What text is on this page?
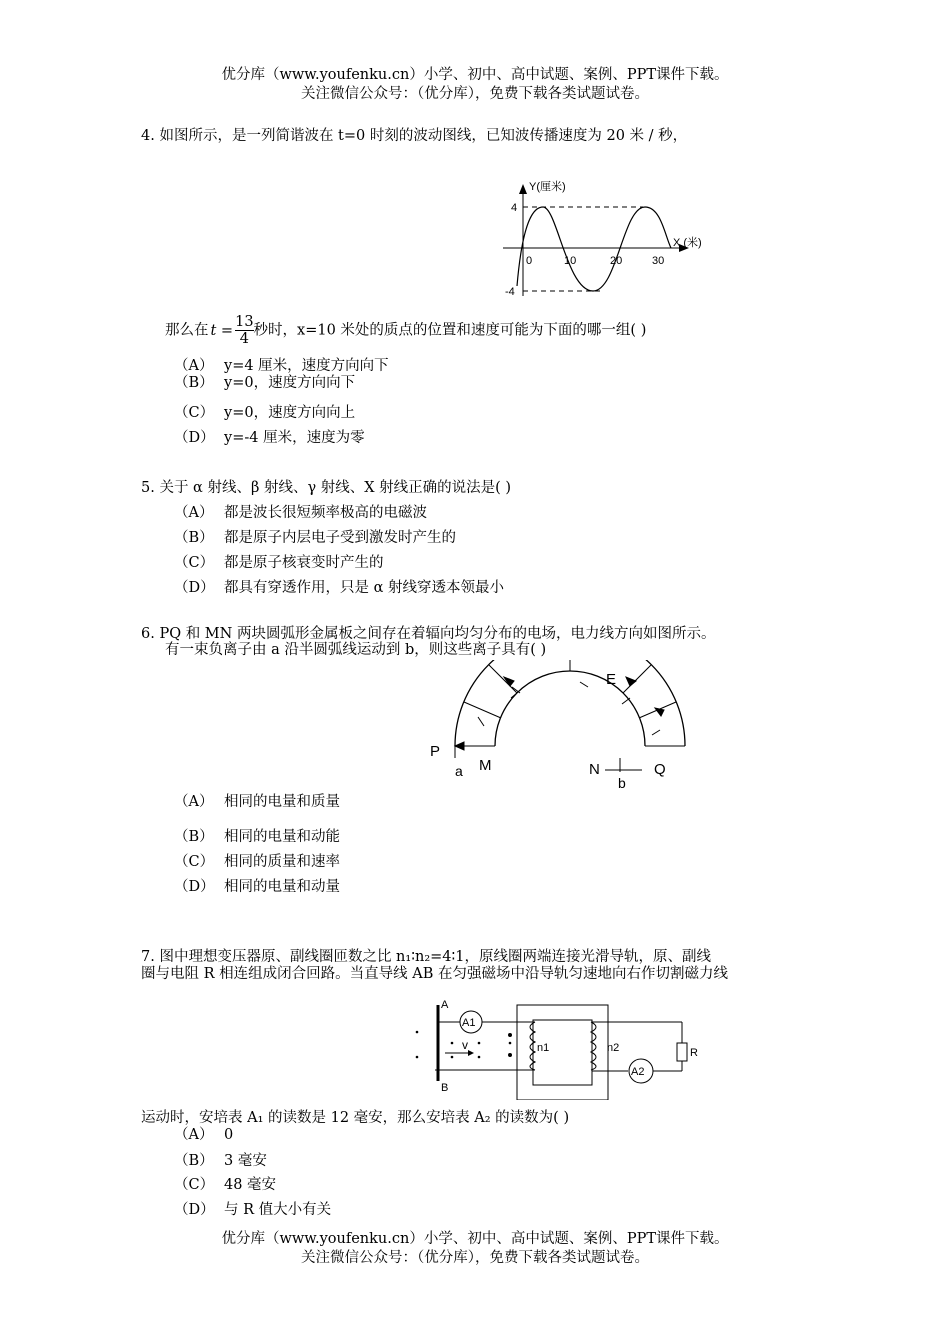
优分库（www.youfenku.cn）小学、初中、高中试题、案例、PPT课件下载。
关注微信公众号：（优分库），免费下载各类试题试卷。
4. 如图所示，是一列简谐波在 t=0 时刻的波动图线，已知波传播速度为 20 米 / 秒，
Y(厘米)
X (米)
4
-4
0	10	20	30
那么在 $t = \frac{13}{4}$ 秒时，x=10 米处的质点的位置和速度可能为下面的哪一组( )
（A） y=4 厘米，速度方向向下
（B） y=0，速度方向向下
（C） y=0，速度方向向上
（D） y=-4 厘米，速度为零
5. 关于 α 射线、β 射线、γ 射线、X 射线正确的说法是( )
（A） 都是波长很短频率极高的电磁波
（B） 都是原子内层电子受到激发时产生的
（C） 都是原子核衰变时产生的
（D） 都具有穿透作用，只是 α 射线穿透本领最小
6. PQ 和 MN 两块圆弧形金属板之间存在着辐向均匀分布的电场，电力线方向如图所示。
有一束负离子由 a 沿半圆弧线运动到 b，则这些离子具有( )
P
M	N	Q
E
a
b
（A） 相同的电量和质量
（B） 相同的电量和动能
（C） 相同的质量和速率
（D） 相同的电量和动量
7. 图中理想变压器原、副线圈匝数之比 n₁∶n₂=4∶1，原线圈两端连接光滑导轨，原、副线
圈与电阻 R 相连组成闭合回路。当直导线 AB 在匀强磁场中沿导轨匀速地向右作切割磁力线
A1
v
A
B
n1	n2	R
A2
运动时，安培表 A₁ 的读数是 12 毫安，那么安培表 A₂ 的读数为( )
（A） 0
（B） 3 毫安
（C） 48 毫安
（D） 与 R 值大小有关
优分库（www.youfenku.cn）小学、初中、高中试题、案例、PPT课件下载。
关注微信公众号：（优分库），免费下载各类试题试卷。
